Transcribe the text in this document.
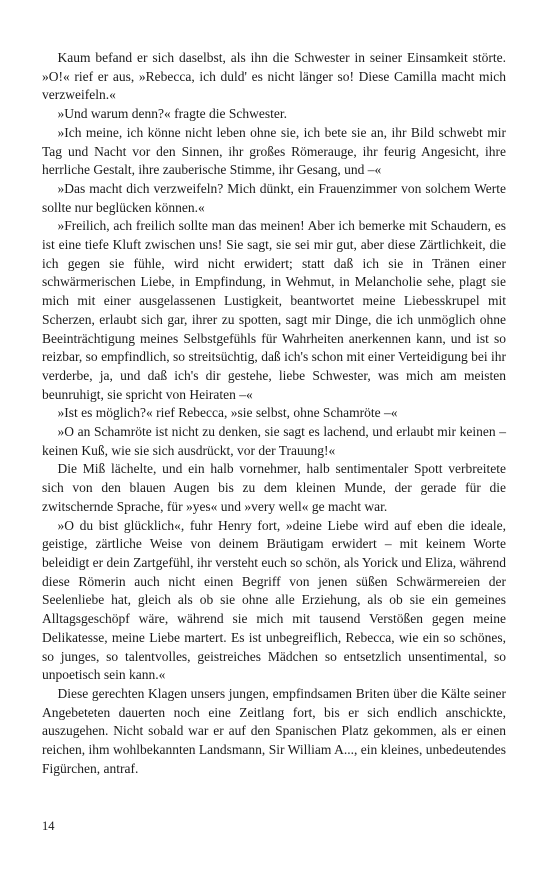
Kaum befand er sich daselbst, als ihn die Schwester in seiner Einsamkeit störte. »O!« rief er aus, »Rebecca, ich duld' es nicht länger so! Diese Camilla macht mich verzweifeln.«

»Und warum denn?« fragte die Schwester.

»Ich meine, ich könne nicht leben ohne sie, ich bete sie an, ihr Bild schwebt mir Tag und Nacht vor den Sinnen, ihr großes Römerauge, ihr feurig Angesicht, ihre herrliche Gestalt, ihre zauberische Stimme, ihr Gesang, und –«

»Das macht dich verzweifeln? Mich dünkt, ein Frauenzimmer von solchem Werte sollte nur beglücken können.«

»Freilich, ach freilich sollte man das meinen! Aber ich bemerke mit Schaudern, es ist eine tiefe Kluft zwischen uns! Sie sagt, sie sei mir gut, aber diese Zärtlichkeit, die ich gegen sie fühle, wird nicht erwidert; statt daß ich sie in Tränen einer schwärmerischen Liebe, in Empfindung, in Wehmut, in Melancholie sehe, plagt sie mich mit einer ausgelassenen Lustigkeit, beantwortet meine Liebesskrupel mit Scherzen, erlaubt sich gar, ihrer zu spotten, sagt mir Dinge, die ich unmöglich ohne Beeinträchtigung meines Selbstgefühls für Wahrheiten anerkennen kann, und ist so reizbar, so empfindlich, so streitsüchtig, daß ich's schon mit einer Verteidigung bei ihr verderbe, ja, und daß ich's dir gestehe, liebe Schwester, was mich am meisten beunruhigt, sie spricht von Heiraten –«

»Ist es möglich?« rief Rebecca, »sie selbst, ohne Schamröte –«

»O an Schamröte ist nicht zu denken, sie sagt es lachend, und erlaubt mir keinen – keinen Kuß, wie sie sich ausdrückt, vor der Trauung!«

Die Miß lächelte, und ein halb vornehmer, halb sentimentaler Spott verbreitete sich von den blauen Augen bis zu dem kleinen Munde, der gerade für die zwitschernde Sprache, für »yes« und »very well« ge macht war.

»O du bist glücklich«, fuhr Henry fort, »deine Liebe wird auf eben die ideale, geistige, zärtliche Weise von deinem Bräutigam erwidert – mit keinem Worte beleidigt er dein Zartgefühl, ihr versteht euch so schön, als Yorick und Eliza, während diese Römerin auch nicht einen Begriff von jenen süßen Schwärmereien der Seelenliebe hat, gleich als ob sie ohne alle Erziehung, als ob sie ein gemeines Alltagsgeschöpf wäre, während sie mich mit tausend Verstößen gegen meine Delikatesse, meine Liebe martert. Es ist unbegreiflich, Rebecca, wie ein so schönes, so junges, so talentvolles, geistreiches Mädchen so entsetzlich unsentimental, so unpoetisch sein kann.«

Diese gerechten Klagen unsers jungen, empfindsamen Briten über die Kälte seiner Angebeteten dauerten noch eine Zeitlang fort, bis er sich endlich anschickte, auszugehen. Nicht sobald war er auf den Spanischen Platz gekommen, als er einen reichen, ihm wohlbekannten Landsmann, Sir William A..., ein kleines, unbedeutendes Figürchen, antraf.

14
